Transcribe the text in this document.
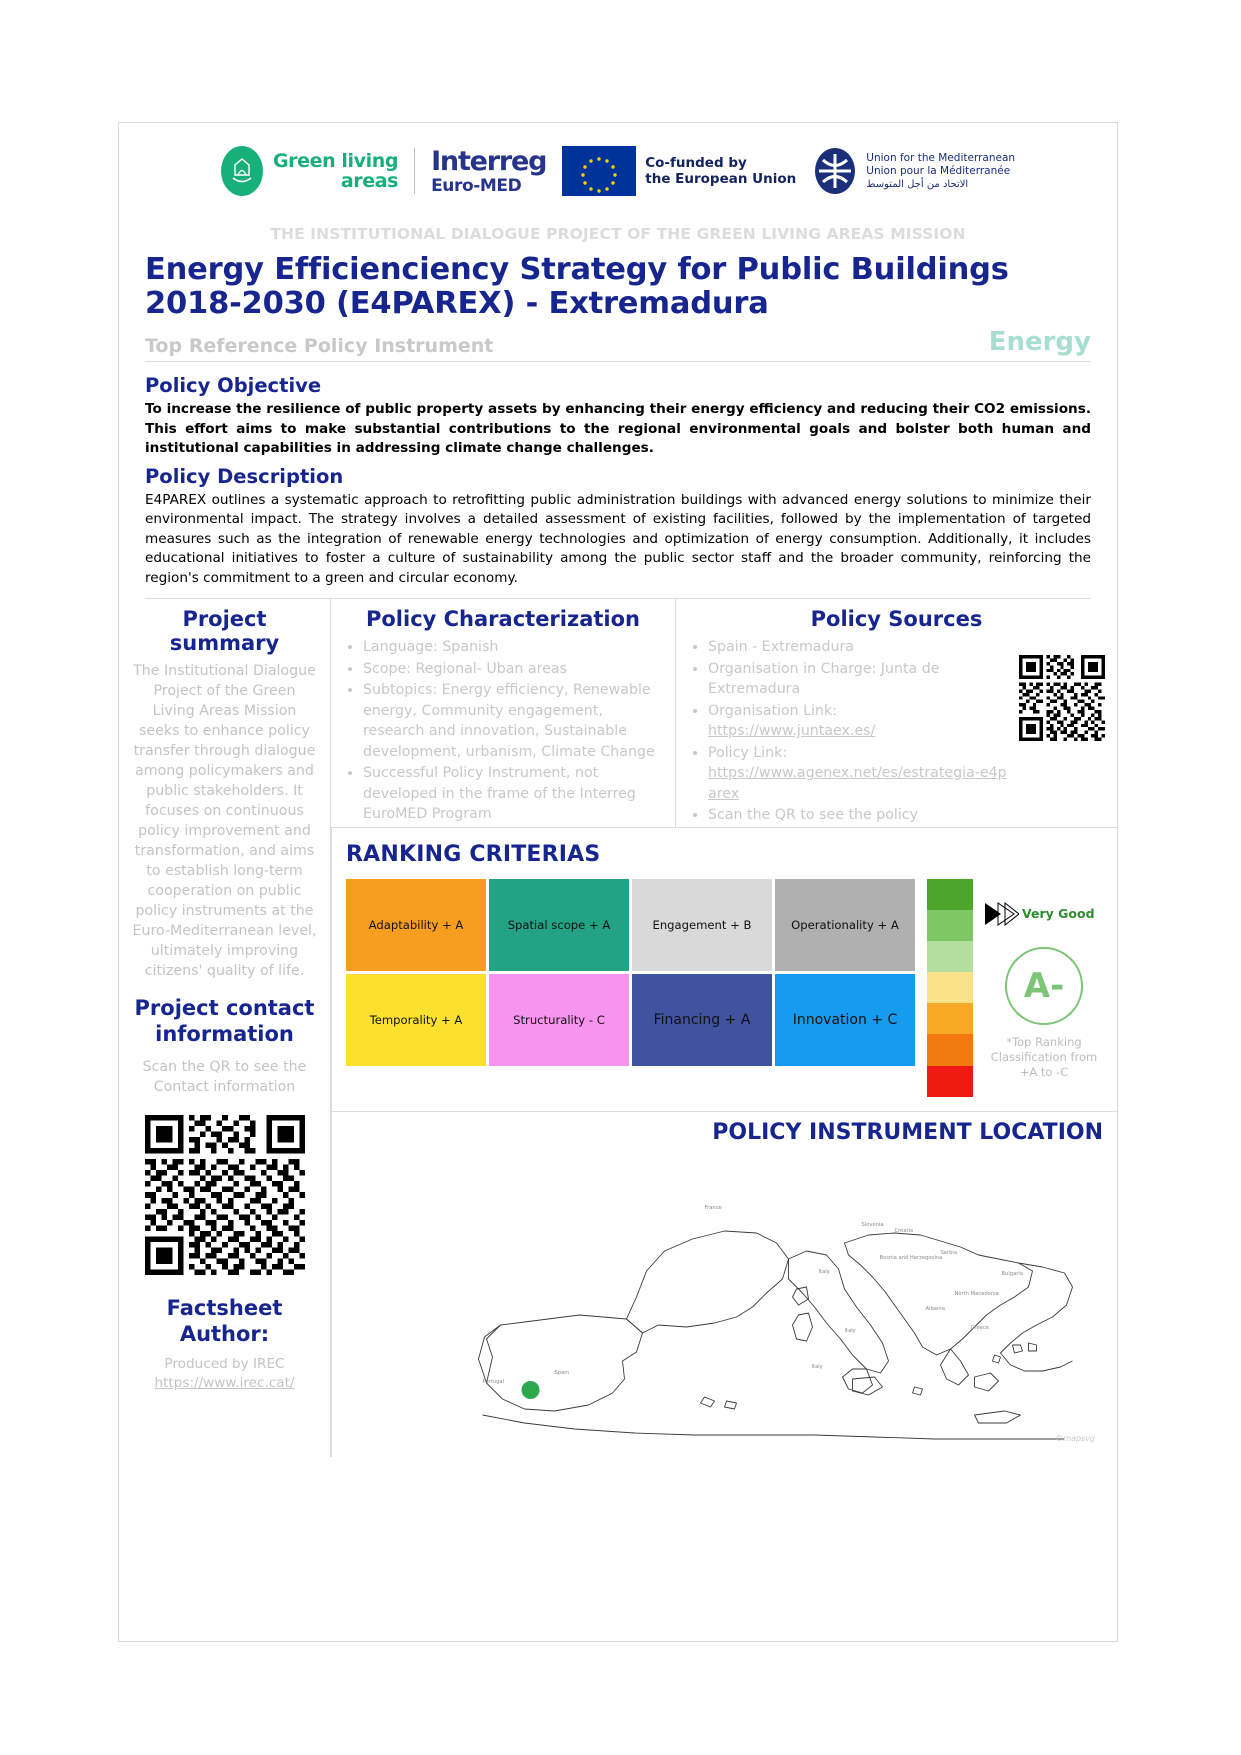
Green living
areas
Interreg
Euro-MED
Co-funded by
the European Union
Union for the Mediterranean
Union pour la Méditerranée
الاتحاد من أجل المتوسط
THE INSTITUTIONAL DIALOGUE PROJECT OF THE GREEN LIVING AREAS MISSION
Energy Efficienciency Strategy for Public Buildings
2018-2030 (E4PAREX) - Extremadura
Top Reference Policy Instrument	Energy
Policy Objective
To increase the resilience of public property assets by enhancing their energy efficiency and reducing their CO2 emissions. This effort aims to make substantial contributions to the regional environmental goals and bolster both human and institutional capabilities in addressing climate change challenges.
Policy Description
E4PAREX outlines a systematic approach to retrofitting public administration buildings with advanced energy solutions to minimize their environmental impact. The strategy involves a detailed assessment of existing facilities, followed by the implementation of targeted measures such as the integration of renewable energy technologies and optimization of energy consumption. Additionally, it includes educational initiatives to foster a culture of sustainability among the public sector staff and the broader community, reinforcing the region's commitment to a green and circular economy.
Project summary
The Institutional Dialogue Project of the Green Living Areas Mission seeks to enhance policy transfer through dialogue among policymakers and public stakeholders. It focuses on continuous policy improvement and transformation, and aims to establish long-term cooperation on public policy instruments at the Euro-Mediterranean level, ultimately improving citizens' quality of life.
Project contact information
Scan the QR to see the Contact information
Factsheet Author:
Produced by IREC
https://www.irec.cat/
Policy Characterization
• Language: Spanish
• Scope: Regional- Uban areas
• Subtopics: Energy efficiency, Renewable energy, Community engagement, research and innovation, Sustainable development, urbanism, Climate Change
• Successful Policy Instrument, not developed in the frame of the Interreg EuroMED Program
Policy Sources
• Spain - Extremadura
• Organisation in Charge: Junta de Extremadura
• Organisation Link:
https://www.juntaex.es/
• Policy Link:
https://www.agenex.net/es/estrategia-e4parex
• Scan the QR to see the policy
RANKING CRITERIAS
Adaptability + A	Spatial scope + A	Engagement + B	Operationality + A
Temporality + A	Structurality - C	Financing + A	Innovation + C
Very Good
A-
*Top Ranking Classification from +A to -C
POLICY INSTRUMENT LOCATION
France
Slovenia
Croatia
Bosnia and Herzegovina
Serbia
Bulgaria
North Macedonia
Albania
Greece
Italy
Italy
Italy
Spain
Portugal
©mapsvg
